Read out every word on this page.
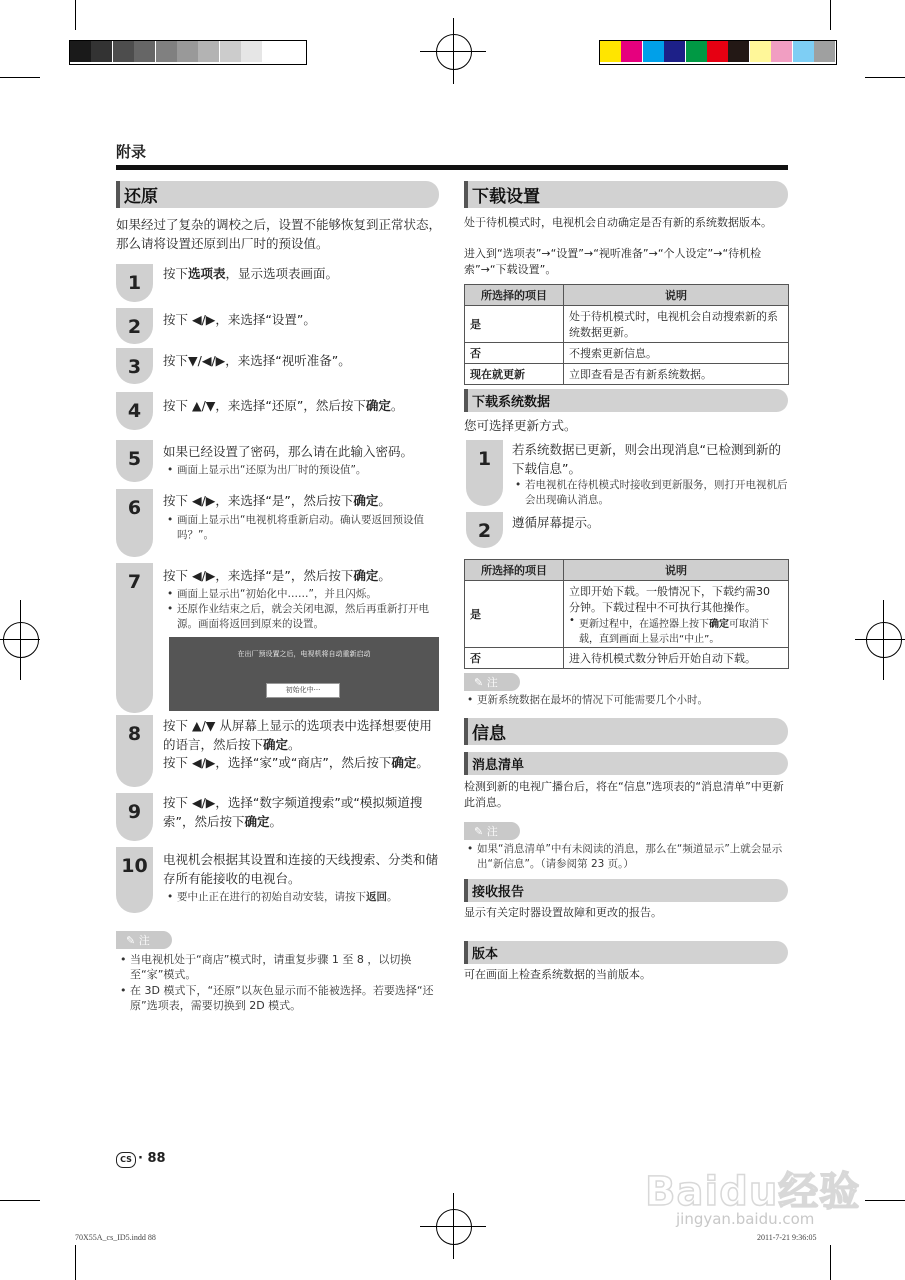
附录
还原
如果经过了复杂的调校之后，设置不能够恢复到正常状态，那么请将设置还原到出厂时的预设值。
1	按下选项表，显示选项表画面。
2	按下 ◀/▶，来选择“设置”。
3	按下▼/◀/▶，来选择“视听准备”。
4	按下 ▲/▼，来选择“还原”，然后按下确定。
5	如果已经设置了密码，那么请在此输入密码。
• 画面上显示出“还原为出厂时的预设值”。
6	按下 ◀/▶，来选择“是”，然后按下确定。
• 画面上显示出“电视机将重新启动。确认要返回预设值吗？”。
7	按下 ◀/▶，来选择“是”，然后按下确定。
• 画面上显示出“初始化中……”，并且闪烁。
• 还原作业结束之后，就会关闭电源，然后再重新打开电源。画面将返回到原来的设置。
在出厂预设置之后，电视机将自动重新启动
初始化中···
8	按下 ▲/▼ 从屏幕上显示的选项表中选择想要使用的语言，然后按下确定。
按下 ◀/▶，选择“家”或“商店”，然后按下确定。
9	按下 ◀/▶，选择“数字频道搜索”或“模拟频道搜索”，然后按下确定。
10	电视机会根据其设置和连接的天线搜索、分类和储存所有能接收的电视台。
• 要中止正在进行的初始自动安装，请按下返回。
✎ 注
• 当电视机处于“商店”模式时，请重复步骤 1 至 8 ，以切换至“家”模式。
• 在 3D 模式下，“还原”以灰色显示而不能被选择。若要选择“还原”选项表，需要切换到 2D 模式。
下载设置
处于待机模式时，电视机会自动确定是否有新的系统数据版本。
进入到“选项表”→“设置”→“视听准备”→“个人设定”→“待机检索”→“下载设置”。
所选择的项目	说明
是	处于待机模式时，电视机会自动搜索新的系统数据更新。
否	不搜索更新信息。
现在就更新	立即查看是否有新系统数据。
下载系统数据
您可选择更新方式。
1	若系统数据已更新，则会出现消息“已检测到新的下载信息”。
• 若电视机在待机模式时接收到更新服务，则打开电视机后会出现确认消息。
2	遵循屏幕提示。
所选择的项目	说明
是	立即开始下载。一般情况下，下载约需30 分钟。下载过程中不可执行其他操作。
• 更新过程中，在遥控器上按下确定可取消下载，直到画面上显示出“中止”。

否	进入待机模式数分钟后开始自动下载。
✎ 注
• 更新系统数据在最坏的情况下可能需要几个小时。
信息
消息清单
检测到新的电视广播台后，将在“信息”选项表的“消息清单”中更新此消息。
✎ 注
• 如果“消息清单”中有未阅读的消息，那么在“频道显示”上就会显示出“新信息”。（请参阅第 23 页。）
接收报告
显示有关定时器设置故障和更改的报告。
版本
可在画面上检查系统数据的当前版本。
CS · 88
70X55A_cs_ID5.indd 88	2011-7-21 9:36:05
Baidu经验
jingyan.baidu.com
